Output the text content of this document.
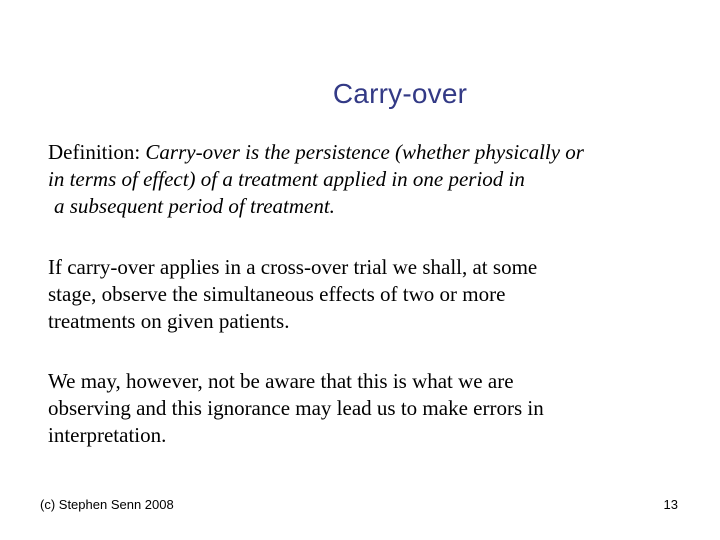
Carry-over

Definition: Carry-over is the persistence (whether physically or
in terms of effect) of a treatment applied in one period in
a subsequent period of treatment.

If carry-over applies in a cross-over trial we shall, at some
stage, observe the simultaneous effects of two or more
treatments on given patients.

We may, however, not be aware that this is what we are
observing and this ignorance may lead us to make errors in
interpretation.

(c) Stephen Senn 2008	13
